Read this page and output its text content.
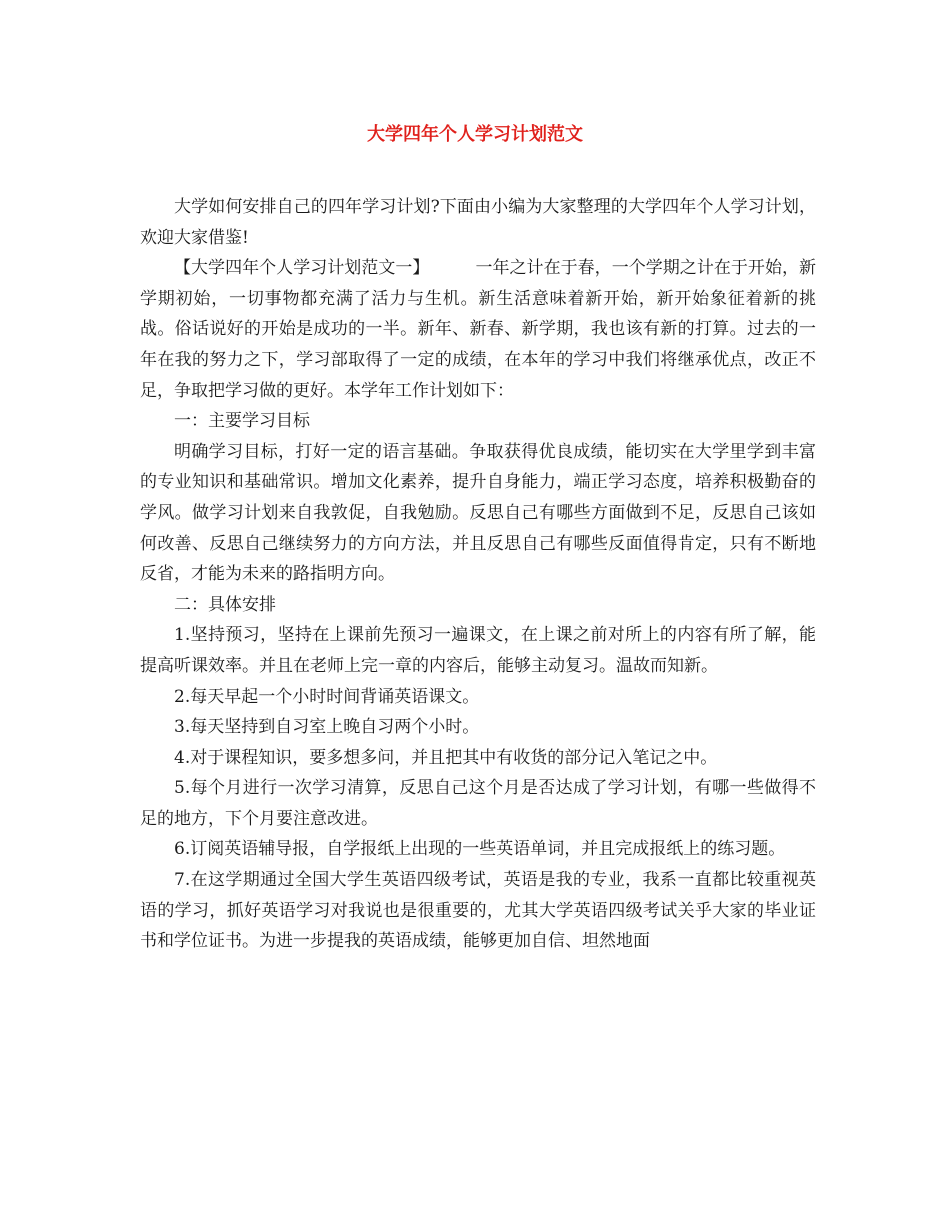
大学四年个人学习计划范文

大学如何安排自己的四年学习计划?下面由小编为大家整理的大学四年个人学习计划，欢迎大家借鉴!

【大学四年个人学习计划范文一】	一年之计在于春，一个学期之计在于开始，新学期初始，一切事物都充满了活力与生机。新生活意味着新开始，新开始象征着新的挑战。俗话说好的开始是成功的一半。新年、新春、新学期，我也该有新的打算。过去的一年在我的努力之下，学习部取得了一定的成绩，在本年的学习中我们将继承优点，改正不足，争取把学习做的更好。本学年工作计划如下：

一：主要学习目标

明确学习目标，打好一定的语言基础。争取获得优良成绩，能切实在大学里学到丰富的专业知识和基础常识。增加文化素养，提升自身能力，端正学习态度，培养积极勤奋的学风。做学习计划来自我敦促，自我勉励。反思自己有哪些方面做到不足，反思自己该如何改善、反思自己继续努力的方向方法，并且反思自己有哪些反面值得肯定，只有不断地反省，才能为未来的路指明方向。

二：具体安排

1.坚持预习，坚持在上课前先预习一遍课文，在上课之前对所上的内容有所了解，能提高听课效率。并且在老师上完一章的内容后，能够主动复习。温故而知新。

2.每天早起一个小时时间背诵英语课文。

3.每天坚持到自习室上晚自习两个小时。

4.对于课程知识，要多想多问，并且把其中有收货的部分记入笔记之中。

5.每个月进行一次学习清算，反思自己这个月是否达成了学习计划，有哪一些做得不足的地方，下个月要注意改进。

6.订阅英语辅导报，自学报纸上出现的一些英语单词，并且完成报纸上的练习题。

7.在这学期通过全国大学生英语四级考试，英语是我的专业，我系一直都比较重视英语的学习，抓好英语学习对我说也是很重要的，尤其大学英语四级考试关乎大家的毕业证书和学位证书。为进一步提我的英语成绩，能够更加自信、坦然地面
